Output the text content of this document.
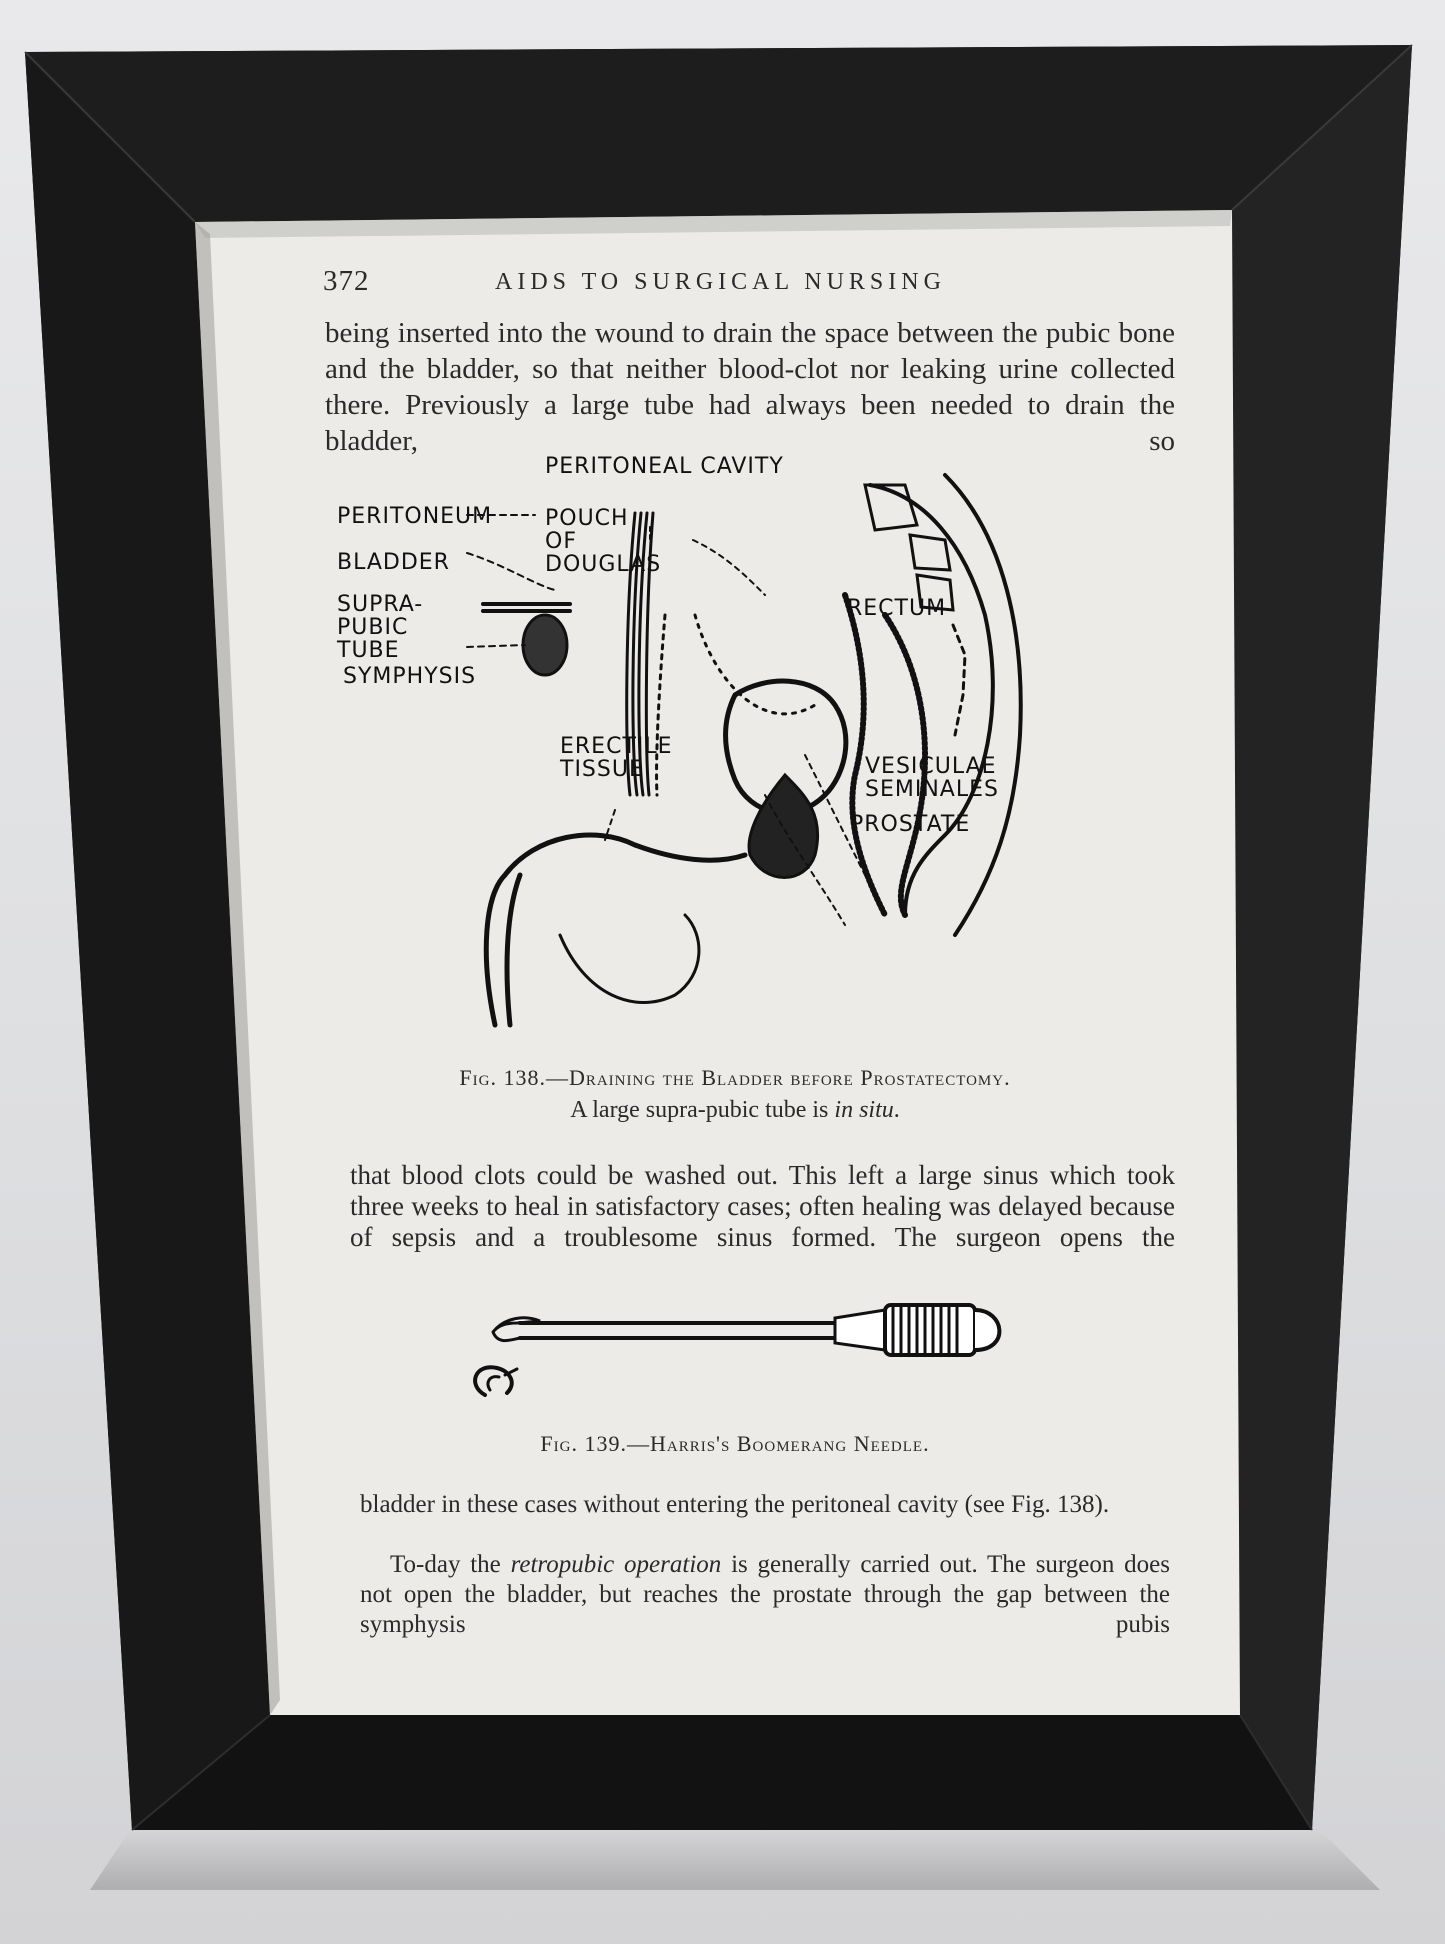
372	AIDS TO SURGICAL NURSING

being inserted into the wound to drain the space between the pubic bone and the bladder, so that neither blood-clot nor leaking urine collected there. Previously a large tube had always been needed to drain the bladder, so

PERITONEAL CAVITY
PERITONEUM POUCH OF DOUGLAS
BLADDER
SUPRA-PUBIC TUBE
RECTUM
SYMPHYSIS
ERECTILE TISSUE	VESICULAE SEMINALES
PROSTATE
Fig. 138.—Draining the Bladder before Prostatectomy.
A large supra-pubic tube is in situ.

that blood clots could be washed out. This left a large sinus which took three weeks to heal in satisfactory cases; often healing was delayed because of sepsis and a troublesome sinus formed. The surgeon opens the

Fig. 139.—Harris's Boomerang Needle.

bladder in these cases without entering the peritoneal cavity (see Fig. 138).

To-day the retropubic operation is generally carried out. The surgeon does not open the bladder, but reaches the prostate through the gap between the symphysis pubis
